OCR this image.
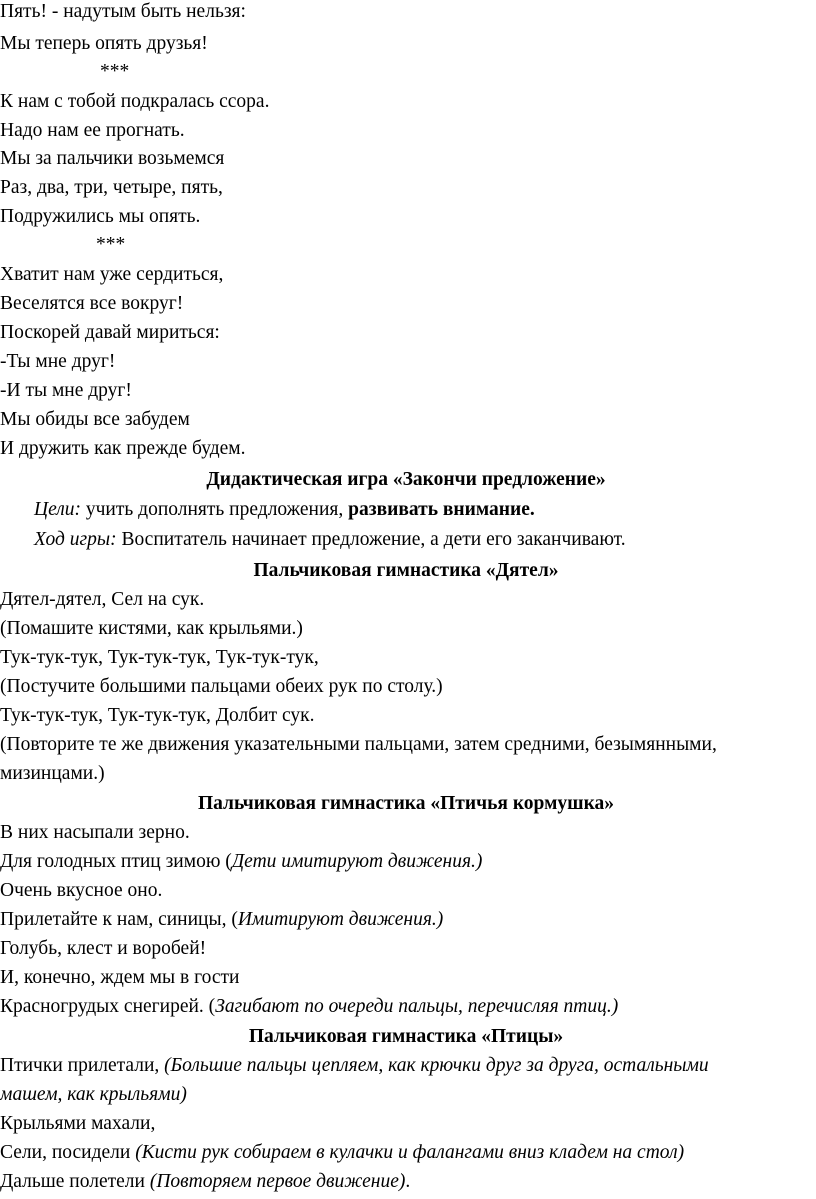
Пять! - надутым быть нельзя:
Мы теперь опять друзья!
***
К нам с тобой подкралась ссора.
Надо нам ее прогнать.
Мы за пальчики возьмемся
Раз, два, три, четыре, пять,
Подружились мы опять.
***
Хватит нам уже сердиться,
Веселятся все вокруг!
Поскорей давай мириться:
-Ты мне друг!
-И ты мне друг!
Мы обиды все забудем
И дружить как прежде будем.
Дидактическая игра «Закончи предложение»
Цели: учить дополнять предложения, развивать внимание.
Ход игры: Воспитатель начинает предложение, а дети его заканчивают.
Пальчиковая гимнастика «Дятел»
Дятел-дятел, Сел на сук.
(Помашите кистями, как крыльями.)
Тук-тук-тук, Тук-тук-тук, Тук-тук-тук,
(Постучите большими пальцами обеих рук по столу.)
Тук-тук-тук, Тук-тук-тук, Долбит сук.
(Повторите те же движения указательными пальцами, затем средними, безымянными,
мизинцами.)
Пальчиковая гимнастика «Птичья кормушка»
В них насыпали зерно.
Для голодных птиц зимою (Дети имитируют движения.)
Очень вкусное оно.
Прилетайте к нам, синицы, (Имитируют движения.)
Голубь, клест и воробей!
И, конечно, ждем мы в гости
Красногрудых снегирей. (Загибают по очереди пальцы, перечисляя птиц.)
Пальчиковая гимнастика «Птицы»
Птички прилетали, (Большие пальцы цепляем, как крючки друг за друга, остальными
машем, как крыльями)
Крыльями махали,
Сели, посидели (Кисти рук собираем в кулачки и фалангами вниз кладем на стол)
Дальше полетели (Повторяем первое движение).
